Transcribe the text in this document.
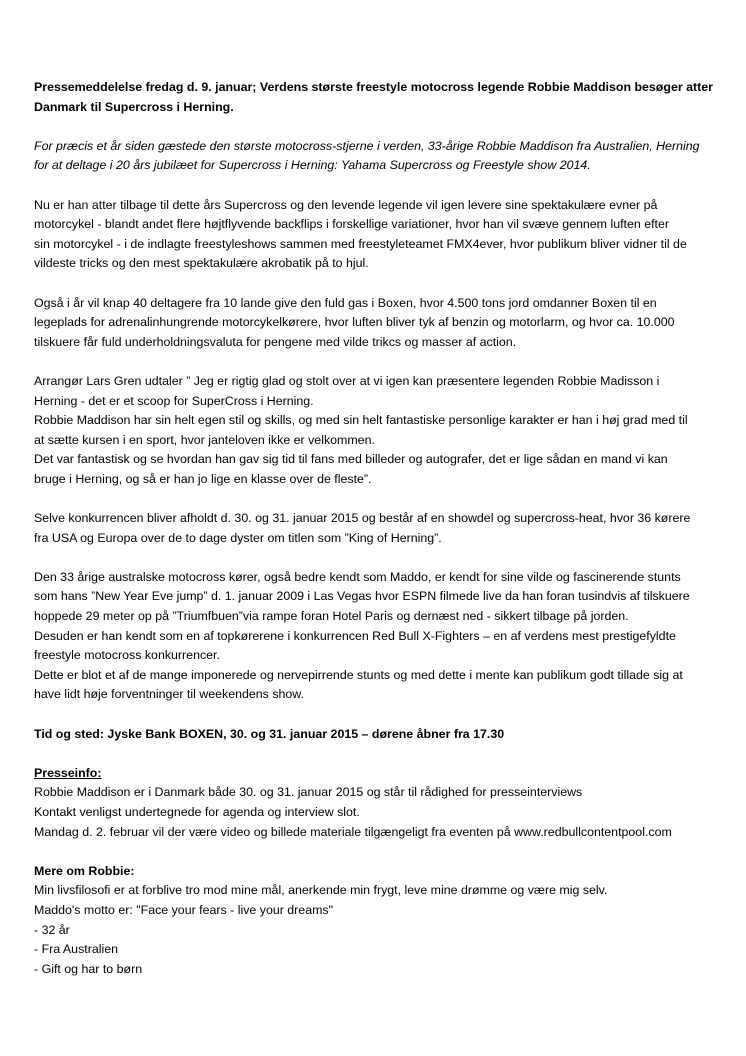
Pressemeddelelse fredag d. 9. januar; Verdens største freestyle motocross legende Robbie Maddison besøger atter

Danmark til Supercross i Herning.

For præcis et år siden gæstede den største motocross-stjerne i verden, 33-årige Robbie Maddison fra Australien, Herning

for at deltage i 20 års jubilæet for Supercross i Herning: Yahama Supercross og Freestyle show 2014.

Nu er han atter tilbage til dette års Supercross og den levende legende vil igen levere sine spektakulære evner på

motorcykel - blandt andet flere højtflyvende backflips i forskellige variationer, hvor han vil svæve gennem luften efter

sin motorcykel - i de indlagte freestyleshows sammen med freestyleteamet FMX4ever, hvor publikum bliver vidner til de

vildeste tricks og den mest spektakulære akrobatik på to hjul.

Også i år vil knap 40 deltagere fra 10 lande give den fuld gas i Boxen, hvor 4.500 tons jord omdanner Boxen til en

legeplads for adrenalinhungrende motorcykelkørere, hvor luften bliver tyk af benzin og motorlarm, og hvor ca. 10.000

tilskuere får fuld underholdningsvaluta for pengene med vilde trikcs og masser af action.

Arrangør Lars Gren udtaler ” Jeg er rigtig glad og stolt over at vi igen kan præsentere legenden Robbie Madisson i

Herning - det er et scoop for SuperCross i Herning.

Robbie Maddison har sin helt egen stil og skills, og med sin helt fantastiske personlige karakter er han i høj grad med til

at sætte kursen i en sport, hvor janteloven ikke er velkommen.

Det var fantastisk og se hvordan han gav sig tid til fans med billeder og autografer, det er lige sådan en mand vi kan

bruge i Herning, og så er han jo lige en klasse over de fleste”.

Selve konkurrencen bliver afholdt d. 30. og 31. januar 2015 og består af en showdel og supercross-heat, hvor 36 kørere

fra USA og Europa over de to dage dyster om titlen som ”King of Herning”.

Den 33 årige australske motocross kører, også bedre kendt som Maddo, er kendt for sine vilde og fascinerende stunts

som hans ”New Year Eve jump” d. 1. januar 2009 i Las Vegas hvor ESPN filmede live da han foran tusindvis af tilskuere

hoppede 29 meter op på ”Triumfbuen”via rampe foran Hotel Paris og dernæst ned - sikkert tilbage på jorden.

Desuden er han kendt som en af topkørerene i konkurrencen Red Bull X-Fighters – en af verdens mest prestigefyldte

freestyle motocross konkurrencer.

Dette er blot et af de mange imponerede og nervepirrende stunts og med dette i mente kan publikum godt tillade sig at

have lidt høje forventninger til weekendens show.

Tid og sted: Jyske Bank BOXEN, 30. og 31. januar 2015 – dørene åbner fra 17.30

Presseinfo:

Robbie Maddison er i Danmark både 30. og 31. januar 2015 og står til rådighed for presseinterviews

Kontakt venligst undertegnede for agenda og interview slot.

Mandag d. 2. februar vil der være video og billede materiale tilgængeligt fra eventen på www.redbullcontentpool.com

Mere om Robbie:

Min livsfilosofi er at forblive tro mod mine mål, anerkende min frygt, leve mine drømme og være mig selv.

Maddo's motto er: "Face your fears - live your dreams"

- 32 år

- Fra Australien

- Gift og har to børn
